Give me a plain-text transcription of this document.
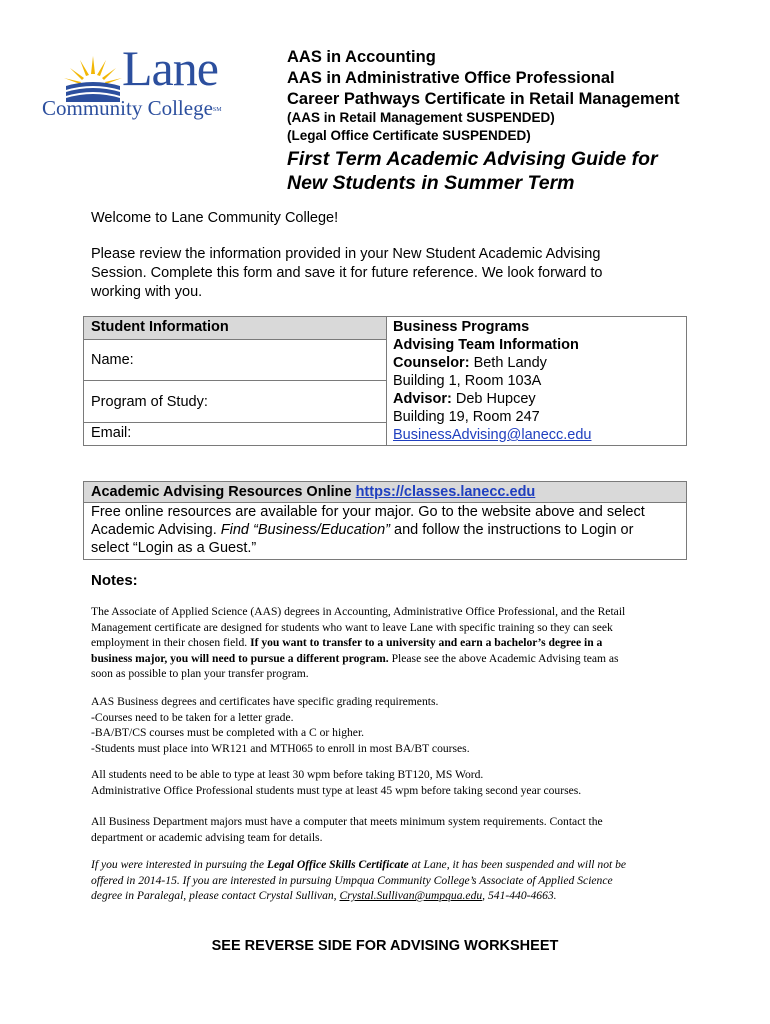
Lane
Community College℠
AAS in Accounting
AAS in Administrative Office Professional
Career Pathways Certificate in Retail Management
(AAS in Retail Management SUSPENDED)
(Legal Office Certificate SUSPENDED)
First Term Academic Advising Guide for
New Students in Summer Term
Welcome to Lane Community College!
Please review the information provided in your New Student Academic Advising
Session. Complete this form and save it for future reference. We look forward to
working with you.
Student Information	Business Programs
Advising Team Information
Counselor: Beth Landy
Building 1, Room 103A
Advisor: Deb Hupcey
Building 19, Room 247
BusinessAdvising@lanecc.edu

Name:
Program of Study:
Email:
Academic Advising Resources Online https://classes.lanecc.edu
Free online resources are available for your major. Go to the website above and select
Academic Advising. Find “Business/Education” and follow the instructions to Login or
select “Login as a Guest.”
Notes:
The Associate of Applied Science (AAS) degrees in Accounting, Administrative Office Professional, and the Retail
Management certificate are designed for students who want to leave Lane with specific training so they can seek
employment in their chosen field. If you want to transfer to a university and earn a bachelor’s degree in a
business major, you will need to pursue a different program. Please see the above Academic Advising team as
soon as possible to plan your transfer program.
AAS Business degrees and certificates have specific grading requirements.
-Courses need to be taken for a letter grade.
-BA/BT/CS courses must be completed with a C or higher.
-Students must place into WR121 and MTH065 to enroll in most BA/BT courses.
All students need to be able to type at least 30 wpm before taking BT120, MS Word.
Administrative Office Professional students must type at least 45 wpm before taking second year courses.
All Business Department majors must have a computer that meets minimum system requirements. Contact the
department or academic advising team for details.
If you were interested in pursuing the Legal Office Skills Certificate at Lane, it has been suspended and will not be
offered in 2014-15. If you are interested in pursuing Umpqua Community College’s Associate of Applied Science
degree in Paralegal, please contact Crystal Sullivan, Crystal.Sullivan@umpqua.edu, 541-440-4663.
SEE REVERSE SIDE FOR ADVISING WORKSHEET
